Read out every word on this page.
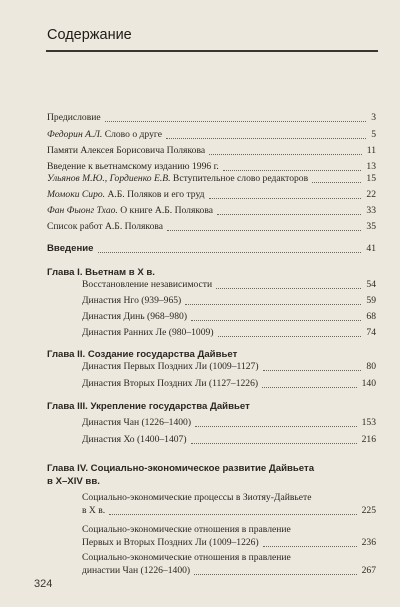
Содержание
Предисловие	3
Федорин А.Л. Слово о друге	5
Памяти Алексея Борисовича Полякова	11
Введение к вьетнамскому изданию 1996 г.	13
Ульянов М.Ю., Гордиенко Е.В. Вступительное слово редакторов	15
Момоки Сиро. А.Б. Поляков и его труд	22
Фан Фыонг Тхао. О книге А.Б. Полякова	33
Список работ А.Б. Полякова	35
Введение	41
Глава I. Вьетнам в X в.
Восстановление независимости	54
Династия Нго (939–965)	59
Династия Динь (968–980)	68
Династия Ранних Ле (980–1009)	74
Глава II. Создание государства Дайвьет
Династия Первых Поздних Ли (1009–1127)	80
Династия Вторых Поздних Ли (1127–1226)	140
Глава III. Укрепление государства Дайвьет
Династия Чан (1226–1400)	153
Династия Хо (1400–1407)	216
Глава IV. Социально-экономическое развитие Дайвьета
в X–XIV вв.
Социально-экономические процессы в Зиотяу-Дайвьете
в X в.	225
Социально-экономические отношения в правление
Первых и Вторых Поздних Ли (1009–1226)	236
Социально-экономические отношения в правление
династии Чан (1226–1400)	267
324
